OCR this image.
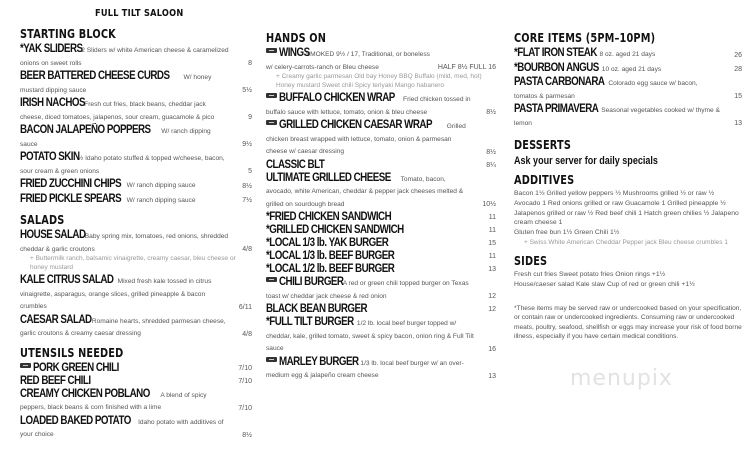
FULL TILT SALOON
STARTING BLOCK
*YAK SLIDERS 2 Sliders w/ white American cheese & caramelized onions on sweet rolls	8
BEER BATTERED CHEESE CURDS W/ honey mustard dipping sauce	5½
IRISH NACHOS Fresh cut fries, black beans, cheddar jack cheese, diced tomatoes, jalapenos, sour cream, guacamole & pico	9
BACON JALAPEÑO POPPERS W/ ranch dipping sauce	9½
POTATO SKIN ½ Idaho potato stuffed & topped w/cheese, bacon, sour cream & green onions	5
FRIED ZUCCHINI CHIPS W/ ranch dipping sauce	8½
FRIED PICKLE SPEARS W/ ranch dipping sauce	7½
SALADS
HOUSE SALAD Baby spring mix, tomatoes, red onions, shredded cheddar & garlic croutons	4/8
+ Buttermilk ranch, balsamic vinaigrette, creamy caesar, bleu cheese or honey mustard
KALE CITRUS SALAD Mixed fresh kale tossed in citrus vinaigrette, asparagus, orange slices, grilled pineapple & bacon crumbles	6/11
CAESAR SALAD Romaine hearts, shredded parmesan cheese, garlic croutons & creamy caesar dressing	4/8
UTENSILS NEEDED
PORK GREEN CHILI	7/10
RED BEEF CHILI	7/10
CREAMY CHICKEN POBLANO A blend of spicy peppers, black beans & corn finished with a lime	7/10
LOADED BAKED POTATO Idaho potato with additives of your choice	8½
HANDS ON
WINGS SMOKED 9½ / 17, Traditional, or boneless w/ celery-carrots-ranch or Bleu cheese	HALF 8½ FULL 16
+ Creamy garlic parmesan Old bay Honey BBQ Buffalo (mild, med, hot) Honey mustard Sweet chili Spicy teriyaki Mango habanero
BUFFALO CHICKEN WRAP Fried chicken tossed in buffalo sauce with lettuce, tomato, onion & bleu cheese	8½
GRILLED CHICKEN CAESAR WRAP Grilled chicken breast wrapped with lettuce, tomato, onion & parmesan cheese w/ caesar dressing	8½
CLASSIC BLT	8¼
ULTIMATE GRILLED CHEESE Tomato, bacon, avocado, white American, cheddar & pepper jack cheeses melted & grilled on sourdough bread	10½
*FRIED CHICKEN SANDWICH	11
*GRILLED CHICKEN SANDWICH	11
*LOCAL 1/3 lb. YAK BURGER	15
*LOCAL 1/3 lb. BEEF BURGER	11
*LOCAL 1/2 lb. BEEF BURGER	13
CHILI BURGER A red or green chili topped burger on Texas toast w/ cheddar jack cheese & red onion	12
BLACK BEAN BURGER	12
*FULL TILT BURGER 1/2 lb. local beef burger topped w/ cheddar, kale, grilled tomato, sweet & spicy bacon, onion ring & Full Tilt sauce	16
MARLEY BURGER 1/3 lb. local beef burger w/ an over-medium egg & jalapeño cream cheese	13
CORE ITEMS (5PM–10PM)
*FLAT IRON STEAK 8 oz. aged 21 days	26
*BOURBON ANGUS 10 oz. aged 21 days	28
PASTA CARBONARA Colorado egg sauce w/ bacon, tomatos & parmesan	15
PASTA PRIMAVERA Seasonal vegetables cooked w/ thyme & lemon	13
DESSERTS
Ask your server for daily specials
ADDITIVES
Bacon 1½ Grilled yellow peppers ½ Mushrooms grilled ½ or raw ½ Avocado 1 Red onions grilled or raw Guacamole 1 Grilled pineapple ½ Jalapenos grilled or raw ½ Red beef chili 1 Hatch green chilies ½ Jalapeno cream cheese 1
Gluten free bun 1½ Green Chili 1½
+ Swiss White American Cheddar Pepper jack Bleu cheese crumbles 1
SIDES
Fresh cut fries Sweet potato fries Onion rings +1½
House/caeser salad Kale slaw Cup of red or green chili +1½
*These items may be served raw or undercooked based on your specification, or contain raw or undercooked ingredients. Consuming raw or undercooked meats, poultry, seafood, shellfish or eggs may increase your risk of food borne illness, especially if you have certain medical conditions.
menupix
